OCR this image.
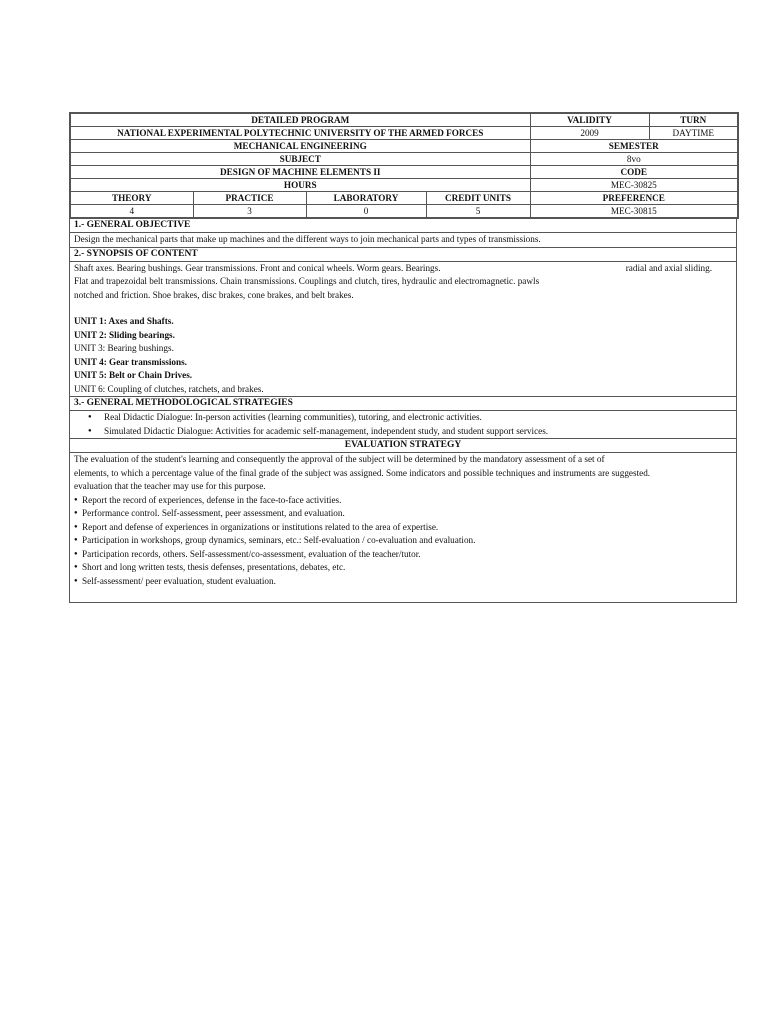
DETAILED PROGRAM				VALIDITY	TURN
NATIONAL EXPERIMENTAL POLYTECHNIC UNIVERSITY OF THE ARMED FORCES				2009	DAYTIME
MECHANICAL ENGINEERING				SEMESTER	
SUBJECT				8vo	
DESIGN OF MACHINE ELEMENTS II				CODE	
HOURS				MEC-30825	
THEORY	PRACTICE	LABORATORY	CREDIT UNITS	PREFERENCE	
4	3	0	5	MEC-30815	
1.- GENERAL OBJECTIVE
Design the mechanical parts that make up machines and the different ways to join mechanical parts and types of transmissions.
2.- SYNOPSIS OF CONTENT
Shaft axes. Bearing bushings. Gear transmissions. Front and conical wheels. Worm gears. Bearings.	radial and axial sliding.
Flat and trapezoidal belt transmissions. Chain transmissions. Couplings and clutch, tires, hydraulic and electromagnetic. pawls
notched and friction. Shoe brakes, disc brakes, cone brakes, and belt brakes.
UNIT 1: Axes and Shafts.
UNIT 2: Sliding bearings.
UNIT 3: Bearing bushings.
UNIT 4: Gear transmissions.
UNIT 5: Belt or Chain Drives.
UNIT 6: Coupling of clutches, ratchets, and brakes.
3.- GENERAL METHODOLOGICAL STRATEGIES
● Real Didactic Dialogue: In-person activities (learning communities), tutoring, and electronic activities.
● Simulated Didactic Dialogue: Activities for academic self-management, independent study, and student support services.
EVALUATION STRATEGY
The evaluation of the student's learning and consequently the approval of the subject will be determined by the mandatory assessment of a set of
elements, to which a percentage value of the final grade of the subject was assigned. Some indicators and possible techniques and instruments are suggested.
evaluation that the teacher may use for this purpose.
● Report the record of experiences, defense in the face-to-face activities.
● Performance control. Self-assessment, peer assessment, and evaluation.
● Report and defense of experiences in organizations or institutions related to the area of expertise.
● Participation in workshops, group dynamics, seminars, etc.: Self-evaluation / co-evaluation and evaluation.
● Participation records, others. Self-assessment/co-assessment, evaluation of the teacher/tutor.
● Short and long written tests, thesis defenses, presentations, debates, etc.
● Self-assessment/ peer evaluation, student evaluation.
